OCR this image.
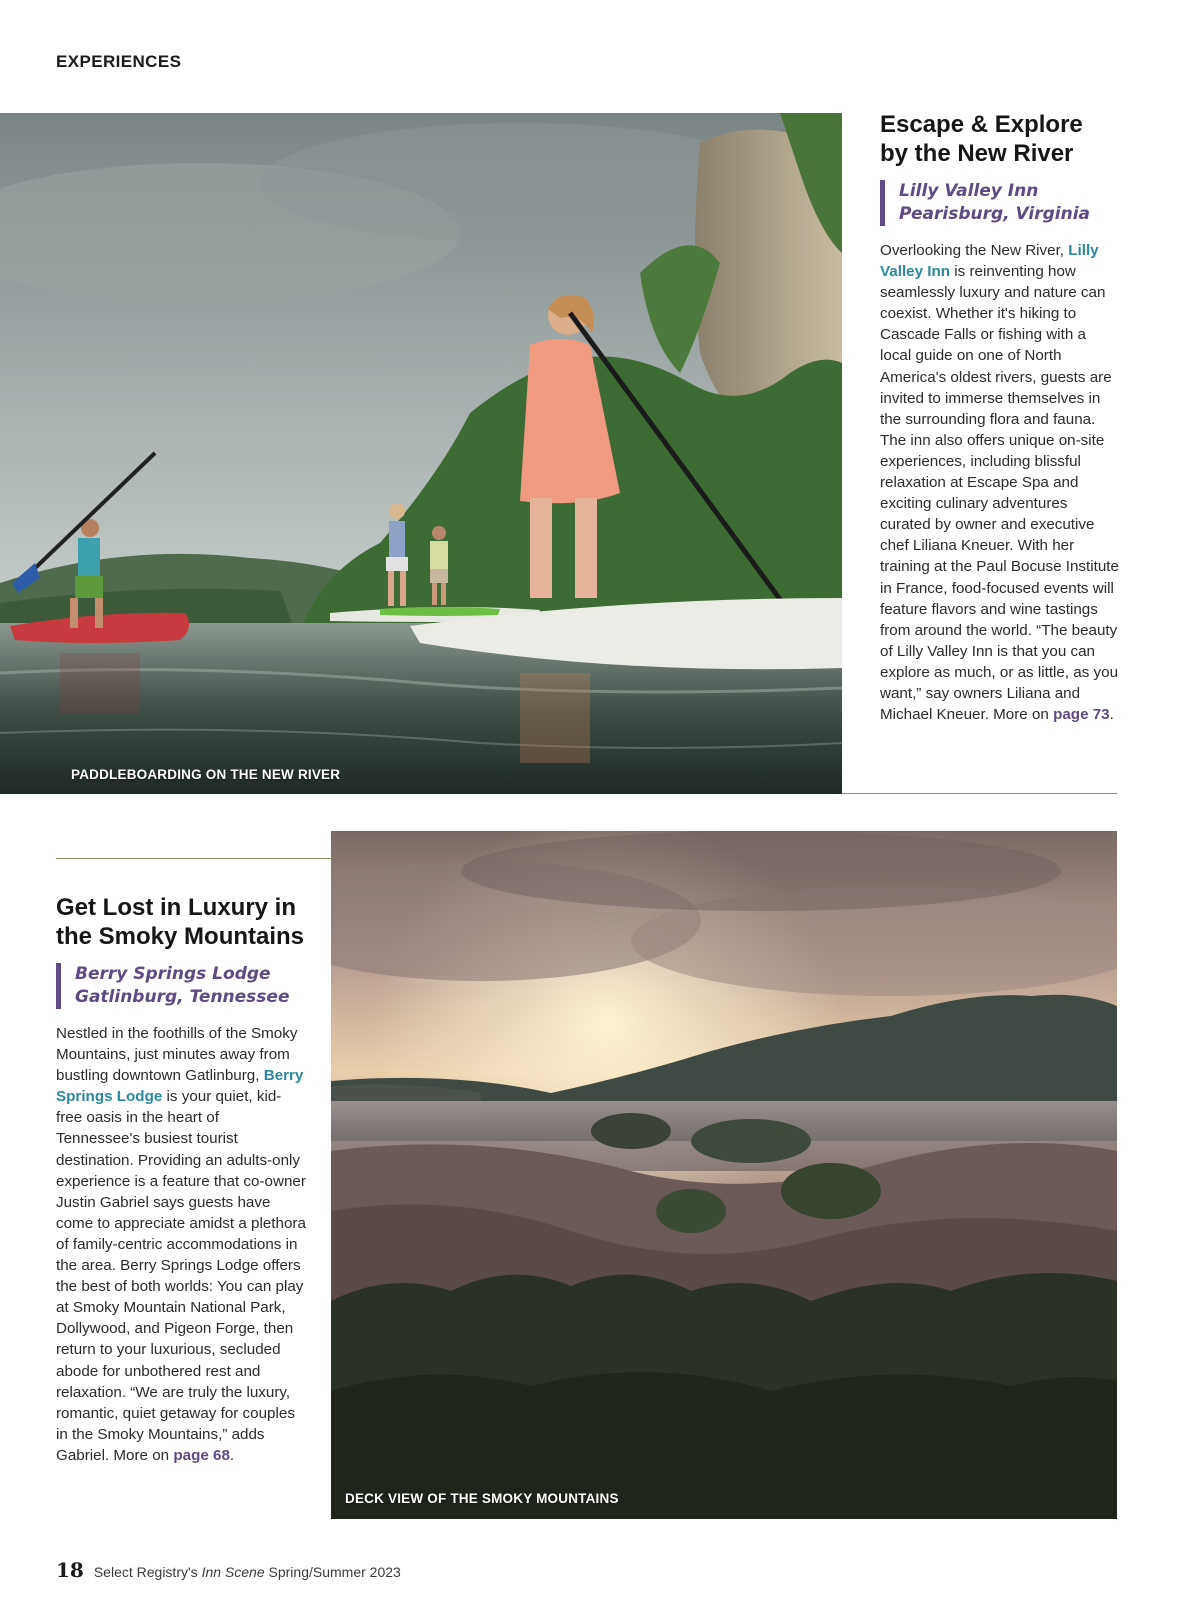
EXPERIENCES
PADDLEBOARDING ON THE NEW RIVER
Escape & Explore
by the New River
Lilly Valley Inn
Pearisburg, Virginia

Overlooking the New River, Lilly Valley Inn is reinventing how seamlessly luxury and nature can coexist. Whether it's hiking to Cascade Falls or fishing with a local guide on one of North America's oldest rivers, guests are invited to immerse themselves in the surrounding flora and fauna. The inn also offers unique on-site experiences, including blissful relaxation at Escape Spa and exciting culinary adventures curated by owner and executive chef Liliana Kneuer. With her training at the Paul Bocuse Institute in France, food-focused events will feature flavors and wine tastings from around the world. “The beauty of Lilly Valley Inn is that you can explore as much, or as little, as you want,” say owners Liliana and Michael Kneuer. More on page 73.

DECK VIEW OF THE SMOKY MOUNTAINS
Get Lost in Luxury in
the Smoky Mountains
Berry Springs Lodge
Gatlinburg, Tennessee

Nestled in the foothills of the Smoky Mountains, just minutes away from bustling downtown Gatlinburg, Berry Springs Lodge is your quiet, kid-free oasis in the heart of Tennessee's busiest tourist destination. Providing an adults-only experience is a feature that co-owner Justin Gabriel says guests have come to appreciate amidst a plethora of family-centric accommodations in the area. Berry Springs Lodge offers the best of both worlds: You can play at Smoky Mountain National Park, Dollywood, and Pigeon Forge, then return to your luxurious, secluded abode for unbothered rest and relaxation. “We are truly the luxury, romantic, quiet getaway for couples in the Smoky Mountains,” adds Gabriel. More on page 68.

18 Select Registry's Inn Scene Spring/Summer 2023
